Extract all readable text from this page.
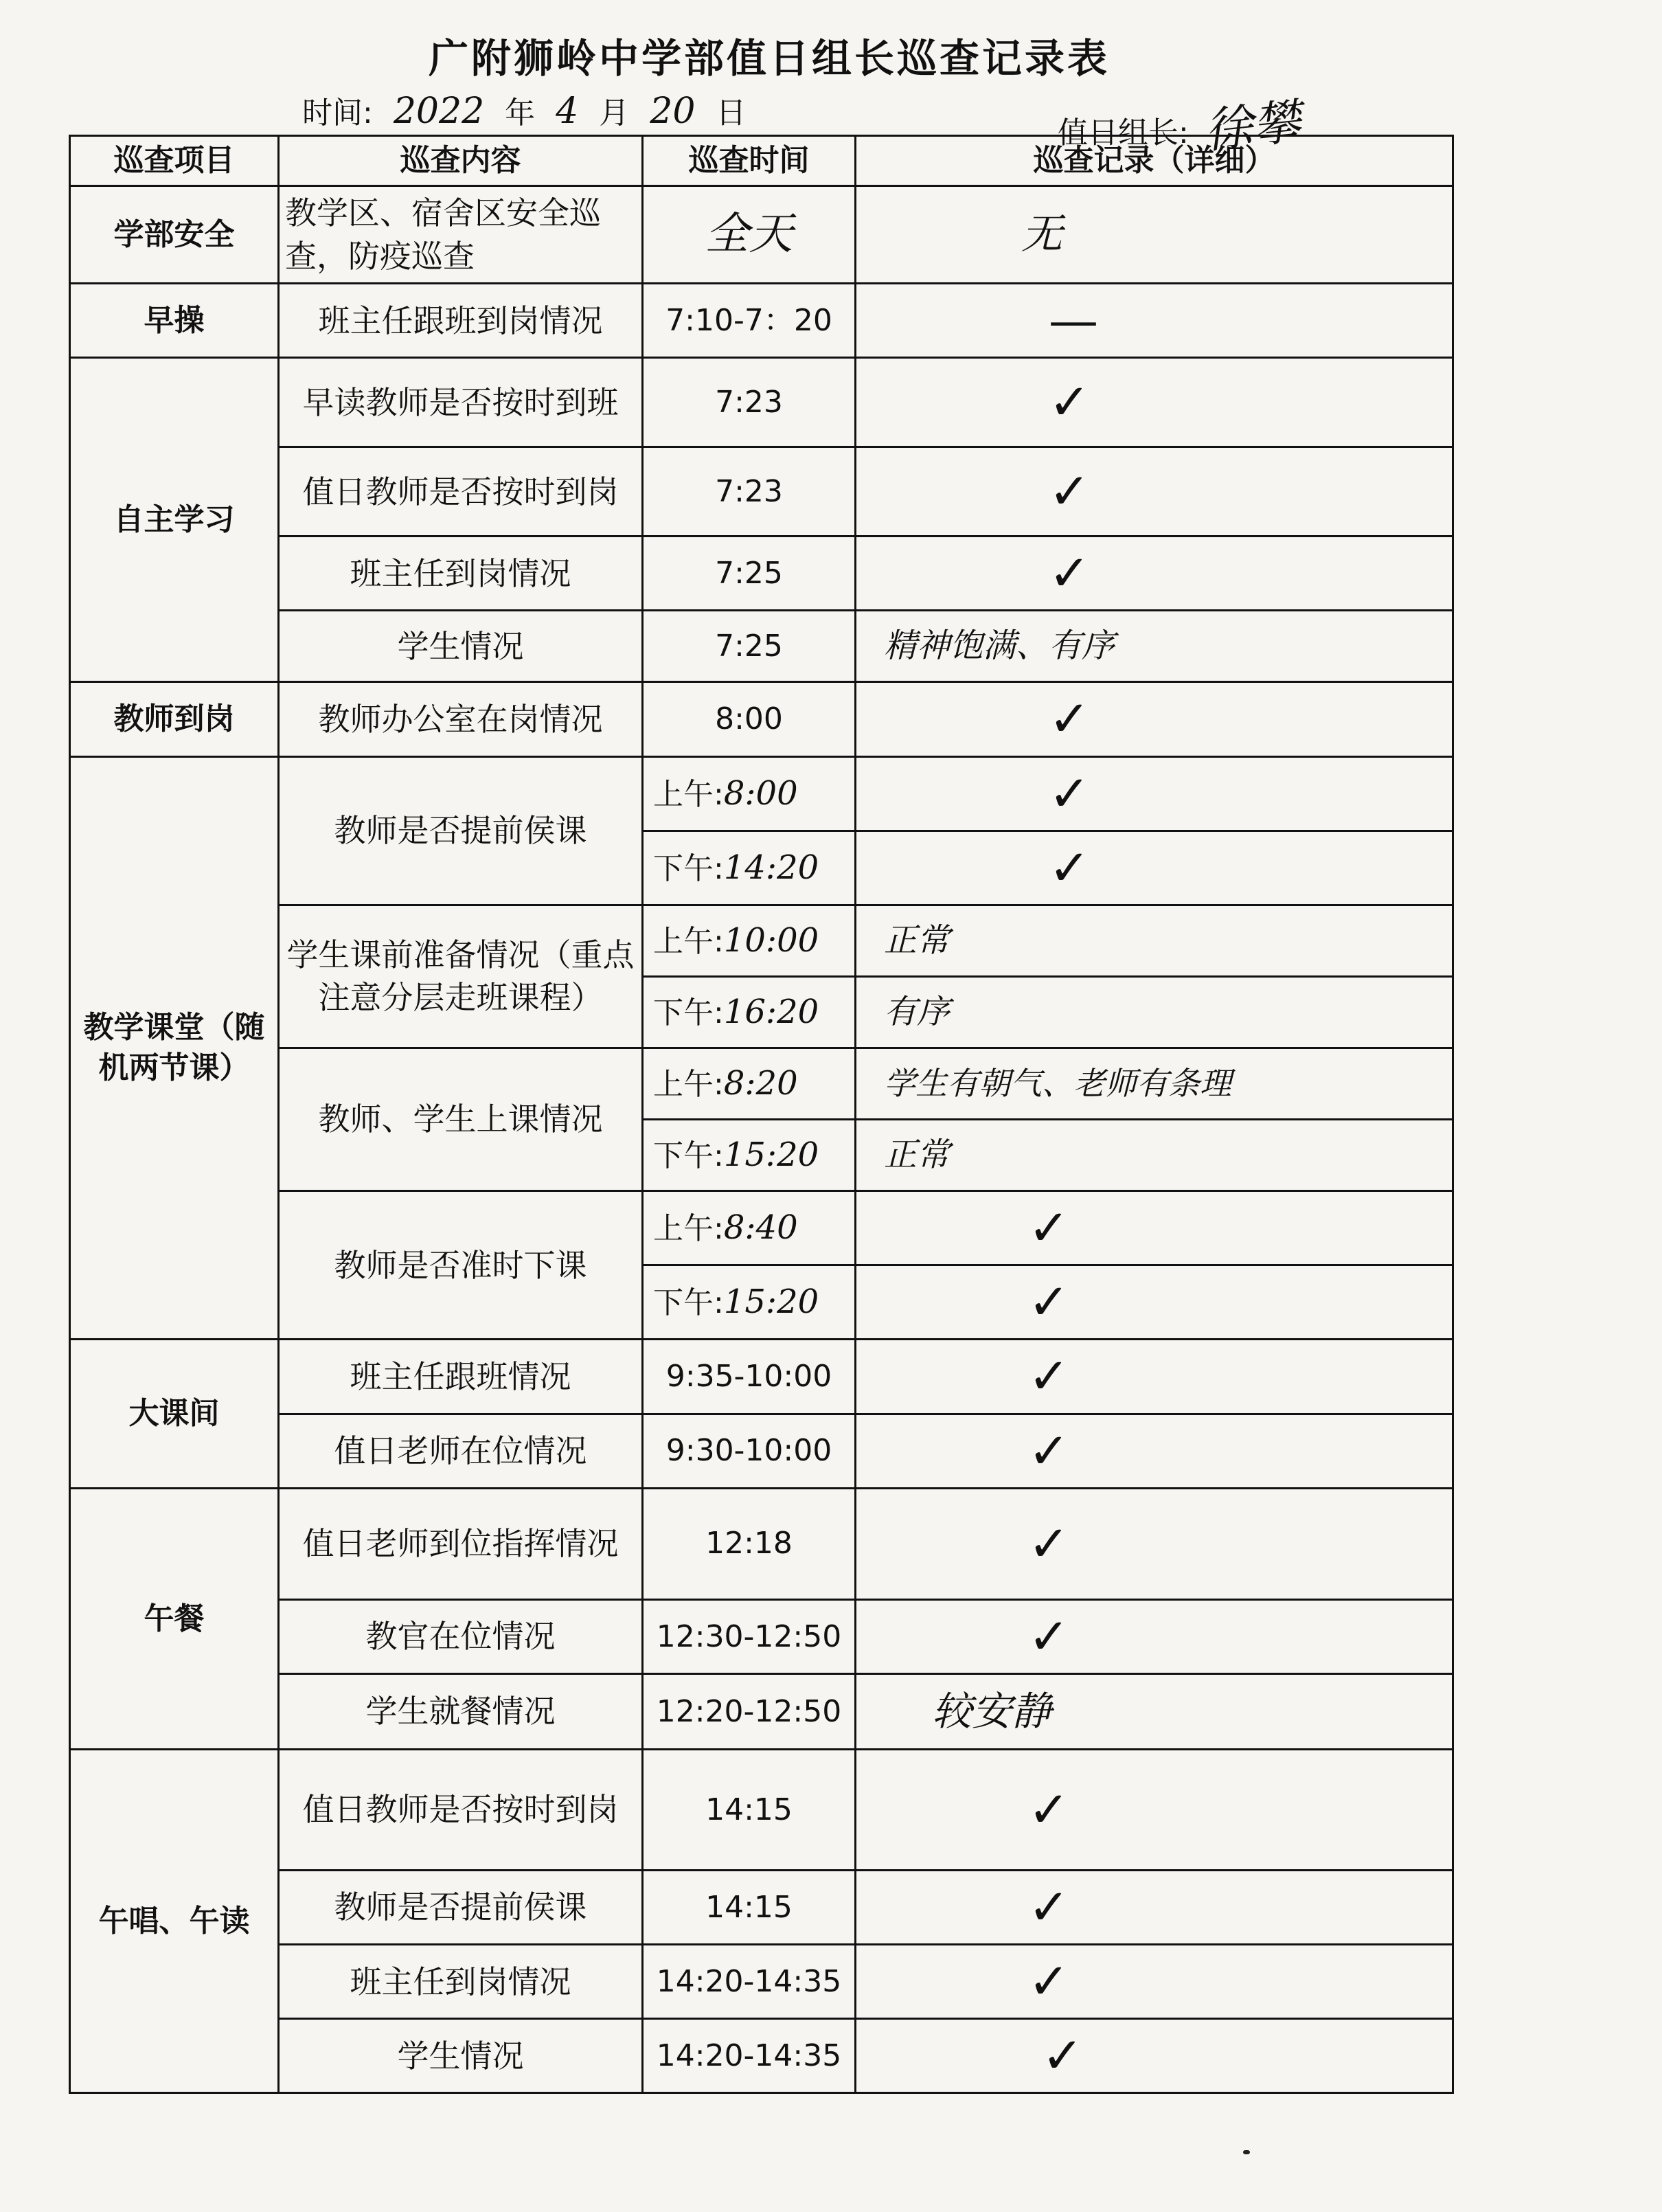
广附狮岭中学部值日组长巡查记录表
时间: 2022 年 4 月 20 日
值日组长: 徐攀
巡查项目	巡查内容	巡查时间	巡查记录（详细）
学部安全	教学区、宿舍区安全巡查，防疫巡查	全天	无
早操	班主任跟班到岗情况	7:10-7：20	—
自主学习	早读教师是否按时到班	7:23	✓
	值日教师是否按时到岗	7:23	✓
	班主任到岗情况	7:25	✓
	学生情况	7:25	精神饱满、有序
教师到岗	教师办公室在岗情况	8:00	✓
教学课堂（随机两节课）	教师是否提前侯课	上午:8:00	✓
		下午:14:20	✓
	学生课前准备情况（重点注意分层走班课程）	上午:10:00	正常
		下午:16:20	有序
	教师、学生上课情况	上午:8:20	学生有朝气、老师有条理
		下午:15:20	正常
	教师是否准时下课	上午:8:40	✓
		下午:15:20	✓
大课间	班主任跟班情况	9:35-10:00	✓
	值日老师在位情况	9:30-10:00	✓
午餐	值日老师到位指挥情况	12:18	✓
	教官在位情况	12:30-12:50	✓
	学生就餐情况	12:20-12:50	较安静
午唱、午读	值日教师是否按时到岗	14:15	✓
	教师是否提前侯课	14:15	✓
	班主任到岗情况	14:20-14:35	✓
	学生情况	14:20-14:35	✓
